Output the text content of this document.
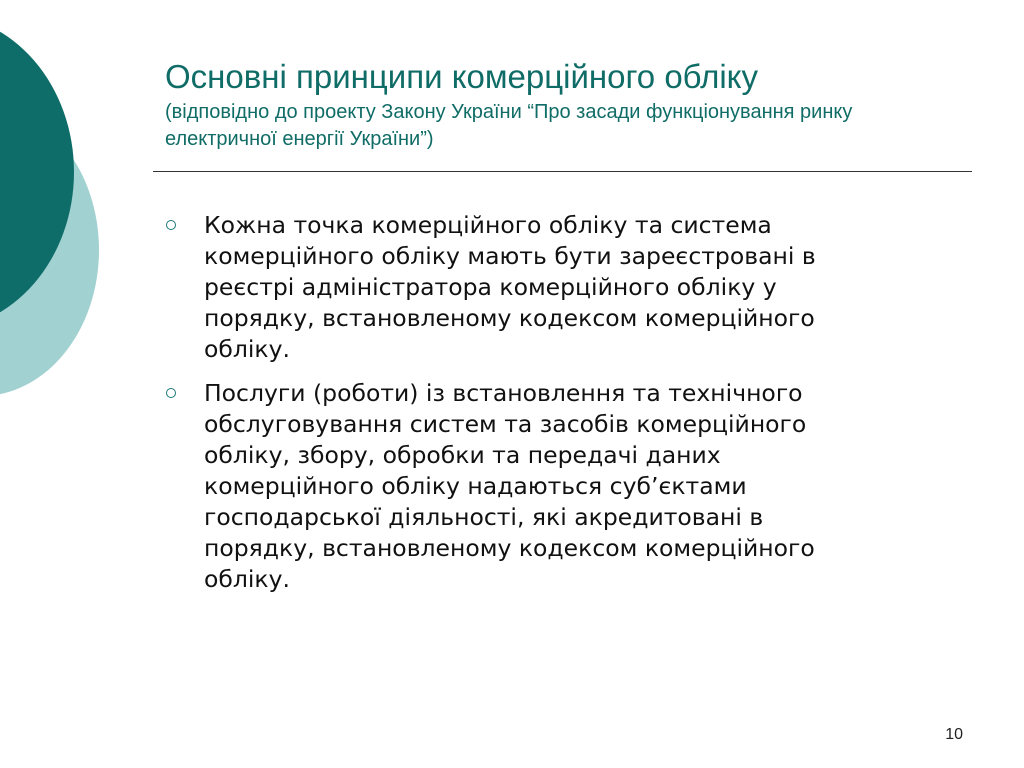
Основні принципи комерційного обліку
(відповідно до проекту Закону України “Про засади функціонування ринку
електричної енергії України”)
Кожна точка комерційного обліку та система
комерційного обліку мають бути зареєстровані в
реєстрі адміністратора комерційного обліку у
порядку, встановленому кодексом комерційного
обліку.
Послуги (роботи) із встановлення та технічного
обслуговування систем та засобів комерційного
обліку, збору, обробки та передачі даних
комерційного обліку надаються суб’єктами
господарської діяльності, які акредитовані в
порядку, встановленому кодексом комерційного
обліку.
10
